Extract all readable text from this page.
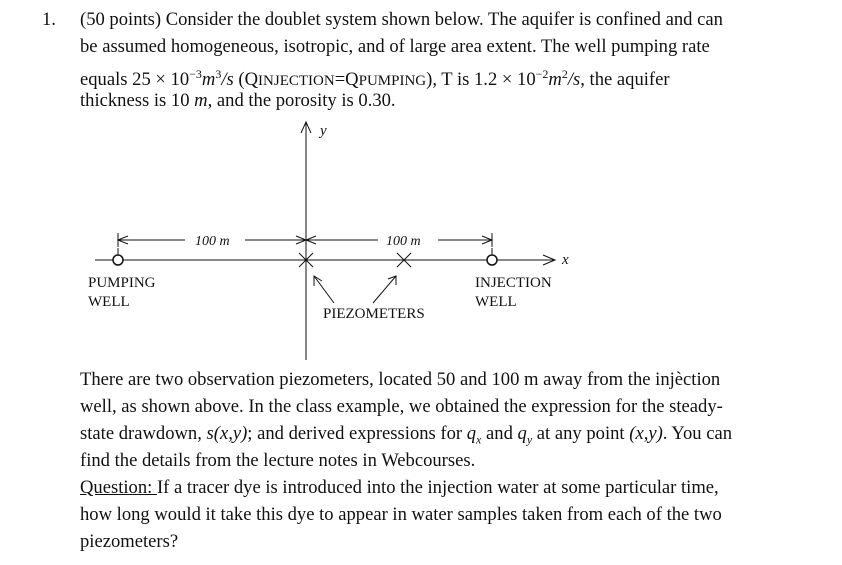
1. (50 points) Consider the doublet system shown below. The aquifer is confined and can
be assumed homogeneous, isotropic, and of large area extent. The well pumping rate
equals $25 \times 10^{-3}m^3/s$ (QINJECTION=QPUMPING), T is $1.2 \times 10^{-2}m^2/s$, the aquifer
thickness is 10 m, and the porosity is 0.30.
y
x
100 m	100 m
PUMPING
WELL
INJECTION
WELL
PIEZOMETERS
There are two observation piezometers, located 50 and 100 m away from the injèction
well, as shown above. In the class example, we obtained the expression for the steady-
state drawdown, s(x,y); and derived expressions for $q_x$ and $q_y$ at any point (x,y). You can
find the details from the lecture notes in Webcourses.
Question: If a tracer dye is introduced into the injection water at some particular time,
how long would it take this dye to appear in water samples taken from each of the two
piezometers?
